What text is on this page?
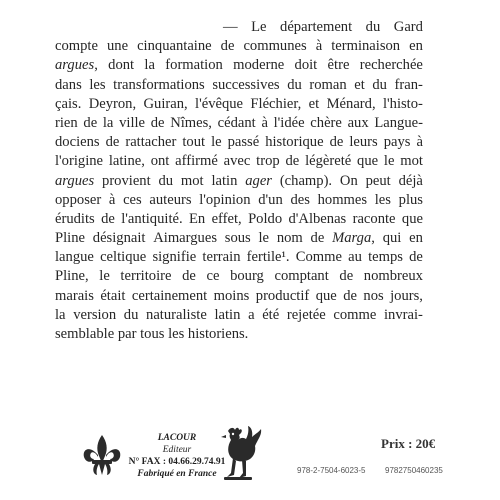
— Le département du Gard
compte une cinquantaine de communes à terminaison en
argues, dont la formation moderne doit être recherchée
dans les transformations successives du roman et du fran-
çais. Deyron, Guiran, l'évêque Fléchier, et Ménard, l'histo-
rien de la ville de Nîmes, cédant à l'idée chère aux Langue-
dociens de rattacher tout le passé historique de leurs pays à
l'origine latine, ont affirmé avec trop de légèreté que le mot
argues provient du mot latin ager (champ). On peut déjà
opposer à ces auteurs l'opinion d'un des hommes les plus
érudits de l'antiquité. En effet, Poldo d'Albenas raconte que
Pline désignait Aimargues sous le nom de Marga, qui en
langue celtique signifie terrain fertile¹. Comme au temps de
Pline, le territoire de ce bourg comptant de nombreux
marais était certainement moins productif que de nos jours,
la version du naturaliste latin a été rejetée comme invrai-
semblable par tous les historiens.
LACOUR
Editeur
N° FAX : 04.66.29.74.91
Fabriqué en France
Prix : 20€
978-2-7504-6023-5 9782750460235
